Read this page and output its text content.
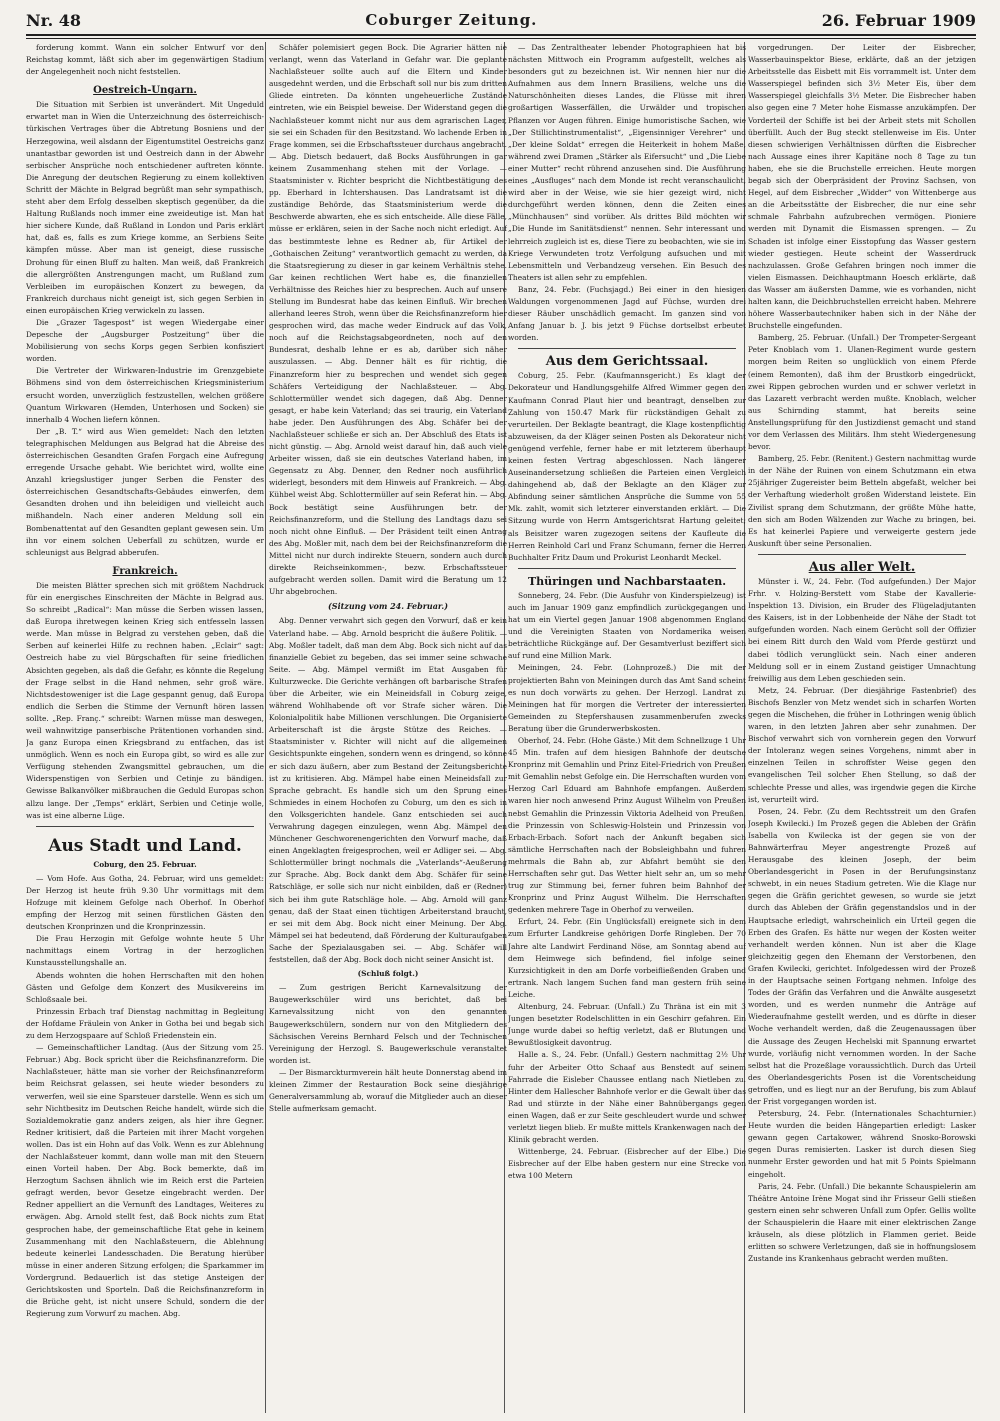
Nr. 48	Coburger Zeitung.	26. Februar 1909

forderung kommt. Wann ein solcher Entwurf vor den Reichstag kommt, läßt sich aber im gegenwärtigen Stadium der Angelegenheit noch nicht feststellen.

Oestreich-Ungarn.

Die Situation mit Serbien ist unverändert. Mit Ungeduld erwartet man in Wien die Unterzeichnung des österreichisch-türkischen Vertrages über die Abtretung Bosniens und der Herzegowina, weil alsdann der Eigentumstitel Oestreichs ganz unantastbar geworden ist und Oestreich dann in der Abwehr serbischer Ansprüche noch entschiedener auftreten könnte. Die Anregung der deutschen Regierung zu einem kollektiven Schritt der Mächte in Belgrad begrüßt man sehr sympathisch, steht aber dem Erfolg desselben skeptisch gegenüber, da die Haltung Rußlands noch immer eine zweideutige ist. Man hat hier sichere Kunde, daß Rußland in London und Paris erklärt hat, daß es, falls es zum Kriege komme, an Serbiens Seite kämpfen müsse. Aber man ist geneigt, diese russische Drohung für einen Bluff zu halten. Man weiß, daß Frankreich die allergrößten Anstrengungen macht, um Rußland zum Verbleiben im europäischen Konzert zu bewegen, da Frankreich durchaus nicht geneigt ist, sich gegen Serbien in einen europäischen Krieg verwickeln zu lassen.

Die „Grazer Tagespost“ ist wegen Wiedergabe einer Depesche der „Augsburger Postzeitung“ über die Mobilisierung von sechs Korps gegen Serbien konfisziert worden.

Die Vertreter der Wirkwaren-Industrie im Grenzgebiete Böhmens sind von dem österreichischen Kriegsministerium ersucht worden, unverzüglich festzustellen, welchen größere Quantum Wirkwaren (Hemden, Unterhosen und Socken) sie innerhalb 4 Wochen liefern können.

Der „B. T.“ wird aus Wien gemeldet: Nach den letzten telegraphischen Meldungen aus Belgrad hat die Abreise des österreichischen Gesandten Grafen Forgach eine Aufregung erregende Ursache gehabt. Wie berichtet wird, wollte eine Anzahl kriegslustiger junger Serben die Fenster des österreichischen Gesandtschafts-Gebäudes einwerfen, dem Gesandten drohen und ihn beleidigen und vielleicht auch mißhandeln. Nach einer anderen Meldung soll ein Bombenattentat auf den Gesandten geplant gewesen sein. Um ihn vor einem solchen Ueberfall zu schützen, wurde er schleunigst aus Belgrad abberufen.

Frankreich.

Die meisten Blätter sprechen sich mit größtem Nachdruck für ein energisches Einschreiten der Mächte in Belgrad aus. So schreibt „Radical“: Man müsse die Serben wissen lassen, daß Europa ihretwegen keinen Krieg sich entfesseln lassen werde. Man müsse in Belgrad zu verstehen geben, daß die Serben auf keinerlei Hilfe zu rechnen haben. „Eclair“ sagt: Oestreich habe zu viel Bürgschaften für seine friedlichen Absichten gegeben, als daß die Gefahr, es könnte die Regelung der Frage selbst in die Hand nehmen, sehr groß wäre. Nichtsdestoweniger ist die Lage gespannt genug, daß Europa endlich die Serben die Stimme der Vernunft hören lassen sollte. „Rep. Franç.“ schreibt: Warnen müsse man deswegen, weil wahnwitzige panserbische Prätentionen vorhanden sind. Ja ganz Europa einen Kriegsbrand zu entfachen, das ist unmöglich. Wenn es noch ein Europa gibt, so wird es alle zur Verfügung stehenden Zwangsmittel gebrauchen, um die Widerspenstigen von Serbien und Cetinje zu bändigen. Gewisse Balkanvölker mißbrauchen die Geduld Europas schon allzu lange. Der „Temps“ erklärt, Serbien und Cetinje wolle, was ist eine albernе Lüge.

Aus Stadt und Land.
Coburg, den 25. Februar.

— Vom Hofe. Aus Gotha, 24. Februar, wird uns gemeldet: Der Herzog ist heute früh 9.30 Uhr vormittags mit dem Hofzuge mit kleinem Gefolge nach Oberhof. In Oberhof empfing der Herzog mit seinen fürstlichen Gästen den deutschen Kronprinzen und die Kronprinzessin.

Die Frau Herzogin mit Gefolge wohnte heute 5 Uhr nachmittags einem Vortrag in der herzoglichen Kunstausstellungshalle an.

Abends wohnten die hohen Herrschaften mit den hohen Gästen und Gefolge dem Konzert des Musikvereins im Schloßsaale bei.

Prinzessin Erbach traf Dienstag nachmittag in Begleitung der Hofdame Fräulein von Anker in Gotha bei und begab sich zu dem Herzogspaare auf Schloß Friedenstein ein.

— Gemeinschaftlicher Landtag. (Aus der Sitzung vom 25. Februar.) Abg. Bock spricht über die Reichsfinanzreform. Die Nachlaßsteuer, hätte man sie vorher der Reichsfinanzreform beim Reichsrat gelassen, sei heute wieder besonders zu verwerfen, weil sie eine Sparsteuer darstelle. Wenn es sich um sehr Nichtbesitz im Deutschen Reiche handelt, würde sich die Sozialdemokratie ganz anders zeigen, als hier ihre Gegner. Redner kritisiert, daß die Parteien mit ihrer Macht vorgehen wollen. Das ist ein Hohn auf das Volk. Wenn es zur Ablehnung der Nachlaßsteuer kommt, dann wolle man mit den Steuern einen Vorteil haben. Der Abg. Bock bemerkte, daß im Herzogtum Sachsen ähnlich wie im Reich erst die Parteien gefragt werden, bevor Gesetze eingebracht werden. Der Redner appelliert an die Vernunft des Landtages, Weiteres zu erwägen. Abg. Arnold stellt fest, daß Bock nichts zum Etat gesprochen habe, der gemeinschaftliche Etat gehe in keinem Zusammenhang mit den Nachlaßsteuern, die Ablehnung bedeute keinerlei Landesschaden. Die Beratung hierüber müsse in einer anderen Sitzung erfolgen; die Sparkammer im Vordergrund. Bedauerlich ist das stetige Ansteigen der Gerichtskosten und Sporteln. Daß die Reichsfinanzreform in die Brüche geht, ist nicht unsere Schuld, sondern die der Regierung zum Vorwurf zu machen. Abg.

Schäfer polemisiert gegen Bock. Die Agrarier hätten nie verlangt, wenn das Vaterland in Gefahr war. Die geplante Nachlaßsteuer sollte auch auf die Eltern und Kinder ausgedehnt werden, und die Erbschaft soll nur bis zum dritten Gliede eintreten. Da könnten ungeheuerliche Zustände eintreten, wie ein Beispiel beweise. Der Widerstand gegen die Nachlaßsteuer kommt nicht nur aus dem agrarischen Lager, sie sei ein Schaden für den Besitzstand. Wo lachende Erben in Frage kommen, sei die Erbschaftssteuer durchaus angebracht. — Abg. Dietsch bedauert, daß Bocks Ausführungen in gar keinem Zusammenhang stehen mit der Vorlage. — Staatsminister v. Richter bespricht die Nichtbestätigung des pp. Eberhard in Ichtershausen. Das Landratsamt ist die zuständige Behörde, das Staatsministerium werde die Beschwerde abwarten, ehe es sich entscheide. Alle diese Fälle, müsse er erklären, seien in der Sache noch nicht erledigt. Auf das bestimmteste lehne es Redner ab, für Artikel der „Gothaischen Zeitung“ verantwortlich gemacht zu werden, da die Staatsregierung zu dieser in gar keinem Verhältnis stehe. Gar keinen rechtlichen Wert habe es, die finanziellen Verhältnisse des Reiches hier zu besprechen. Auch auf unsere Stellung im Bundesrat habe das keinen Einfluß. Wir brechen allerhand leeres Stroh, wenn über die Reichsfinanzreform hier gesprochen wird, das mache weder Eindruck auf das Volk, noch auf die Reichstagsabgeordneten, noch auf den Bundesrat, deshalb lehne er es ab, darüber sich näher auszulassen. — Abg. Denner hält es für richtig, die Finanzreform hier zu besprechen und wendet sich gegen Schäfers Verteidigung der Nachlaßsteuer. — Abg. Schlottermüller wendet sich dagegen, daß Abg. Denner gesagt, er habe kein Vaterland; das sei traurig, ein Vaterland habe jeder. Den Ausführungen des Abg. Schäfer bei der Nachlaßsteuer schließe er sich an. Der Abschluß des Etats ist nicht günstig. — Abg. Arnold weist darauf hin, daß auch viele Arbeiter wissen, daß sie ein deutsches Vaterland haben, im Gegensatz zu Abg. Denner, den Redner noch ausführlich widerlegt, besonders mit dem Hinweis auf Frankreich. — Abg. Kühbel weist Abg. Schlottermüller auf sein Referat hin. — Abg. Bock bestätigt seine Ausführungen betr. der Reichsfinanzreform, und die Stellung des Landtags dazu sei noch nicht ohne Einfluß. — Der Präsident teilt einen Antrag des Abg. Moßler mit, nach dem bei der Reichsfinanzreform die Mittel nicht nur durch indirekte Steuern, sondern auch durch direkte Reichseinkommen-, bezw. Erbschaftssteuer aufgebracht werden sollen. Damit wird die Beratung um 12 Uhr abgebrochen.

(Sitzung vom 24. Februar.)

Abg. Denner verwahrt sich gegen den Vorwurf, daß er kein Vaterland habe. — Abg. Arnold bespricht die äußere Politik. — Abg. Moßler tadelt, daß man dem Abg. Bock sich nicht auf das finanzielle Gebiet zu begeben, das sei immer seine schwache Seite. — Abg. Mämpel vermißt im Etat Ausgaben für Kulturzwecke. Die Gerichte verhängen oft barbarische Strafen über die Arbeiter, wie ein Meineidsfall in Coburg zeige, während Wohlhabende oft vor Strafe sicher wären. Die Kolonialpolitik habe Millionen verschlungen. Die Organisierte Arbeiterschaft ist die ärgste Stütze des Reiches. — Staatsminister v. Richter will nicht auf die allgemeinen Gesichtspunkte eingehen, sondern wenn es dringend, so könne er sich dazu äußern, aber zum Bestand der Zeitungsberichte ist zu kritisieren. Abg. Mämpel habe einen Meineidsfall zur Sprache gebracht. Es handle sich um den Sprung eines Schmiedes in einem Hochofen zu Coburg, um den es sich in den Volksgerichten handele. Ganz entschieden sei auch Verwahrung dagegen einzulegen, wenn Abg. Mämpel den Münchener Geschworenengerichten den Vorwurf mache, daß einen Angeklagten freigesprochen, weil er Adliger sei. — Abg. Schlottermüller bringt nochmals die „Vaterlands“-Aeußerung zur Sprache. Abg. Bock dankt dem Abg. Schäfer für seine Ratschläge, er solle sich nur nicht einbilden, daß er (Redner) sich bei ihm gute Ratschläge hole. — Abg. Arnold will ganz genau, daß der Staat einen tüchtigen Arbeiterstand braucht, er sei mit dem Abg. Bock nicht einer Meinung. Der Abg. Mämpel sei hat bedeutend, daß Förderung der Kulturaufgaben Sache der Spezialausgaben sei. — Abg. Schäfer will feststellen, daß der Abg. Bock doch nicht seiner Ansicht ist.

(Schluß folgt.)

— Zum gestrigen Bericht Karnevalsitzung der Baugewerkschüler wird uns berichtet, daß bei Karnevalssitzung nicht von den genannten Baugewerkschülern, sondern nur von den Mitgliedern des Sächsischen Vereins Bernhard Felsch und der Technischen Vereinigung der Herzogl. S. Baugewerkschule veranstaltet worden ist.

— Der Bismarckturmverein hält heute Donnerstag abend im kleinen Zimmer der Restauration Bock seine diesjährige Generalversammlung ab, worauf die Mitglieder auch an dieser Stelle aufmerksam gemacht.

— Das Zentraltheater lebender Photographieen hat bis nächsten Mittwoch ein Programm aufgestellt, welches als besonders gut zu bezeichnen ist. Wir nennen hier nur die Aufnahmen aus dem Innern Brasiliens, welche uns die Naturschönheiten dieses Landes, die Flüsse mit ihren großartigen Wasserfällen, die Urwälder und tropischen Pflanzen vor Augen führen. Einige humoristische Sachen, wie „Der Stillichtinstrumentalist“, „Eigensinniger Verehrer“ und „Der kleine Soldat“ erregen die Heiterkeit in hohem Maße, während zwei Dramen „Stärker als Eifersucht“ und „Die Liebe einer Mutter“ recht rührend anzusehen sind. Die Ausführung eines „Ausfluges“ nach dem Monde ist recht veranschaulicht, wird aber in der Weise, wie sie hier gezeigt wird, nicht durchgeführt werden können, denn die Zeiten eines „Münchhausen“ sind vorüber. Als drittes Bild möchten wir „Die Hunde im Sanitätsdienst“ nennen. Sehr interessant und lehrreich zugleich ist es, diese Tiere zu beobachten, wie sie im Kriege Verwundeten trotz Verfolgung aufsuchen und mit Lebensmitteln und Verbandzeug versehen. Ein Besuch des Theaters ist allen sehr zu empfehlen.

Banz, 24. Febr. (Fuchsjagd.) Bei einer in den hiesigen Waldungen vorgenommenen Jagd auf Füchse, wurden drei dieser Räuber unschädlich gemacht. Im ganzen sind von Anfang Januar b. J. bis jetzt 9 Füchse dortselbst erbeutet worden.

Aus dem Gerichtssaal.

Coburg, 25. Febr. (Kaufmannsgericht.) Es klagt der Dekorateur und Handlungsgehilfe Alfred Wimmer gegen den Kaufmann Conrad Plaut hier und beantragt, denselben zur Zahlung von 150.47 Mark für rückständigen Gehalt zu verurteilen. Der Beklagte beantragt, die Klage kostenpflichtig abzuweisen, da der Kläger seinen Posten als Dekorateur nicht genügend verfehle, ferner habe er mit letzterem überhaupt keinen festen Vertrag abgeschlossen. Nach längerer Auseinandersetzung schließen die Parteien einen Vergleich dahingehend ab, daß der Beklagte an den Kläger zur Abfindung seiner sämtlichen Ansprüche die Summe von 55 Mk. zahlt, womit sich letzterer einverstanden erklärt. — Die Sitzung wurde von Herrn Amtsgerichtsrat Hartung geleitet; als Beisitzer waren zugezogen seitens der Kaufleute die Herren Reinhold Carl und Franz Schumann, ferner die Herren Buchhalter Fritz Daum und Prokurist Leonhardt Meckel.

Thüringen und Nachbarstaaten.

Sonneberg, 24. Febr. (Die Ausfuhr von Kinderspielzeug) ist auch im Januar 1909 ganz empfindlich zurückgegangen und hat um ein Viertel gegen Januar 1908 abgenommen England und die Vereinigten Staaten von Nordamerika weisen beträchtliche Rückgänge auf. Der Gesamtverlust beziffert sich auf rund eine Million Mark.

Meiningen, 24. Febr. (Lohnprozeß.) Die mit der projektierten Bahn von Meiningen durch das Amt Sand scheint es nun doch vorwärts zu gehen. Der Herzogl. Landrat zu Meiningen hat für morgen die Vertreter der interessierten Gemeinden zu Stepfershausen zusammenberufen zwecks Beratung über die Grunderwerbskosten.

Oberhof, 24. Febr. (Hohe Gäste.) Mit dem Schnellzuge 1 Uhr 45 Min. trafen auf dem hiesigen Bahnhofe der deutsche Kronprinz mit Gemahlin und Prinz Eitel-Friedrich von Preußen mit Gemahlin nebst Gefolge ein. Die Herrschaften wurden vom Herzog Carl Eduard am Bahnhofe empfangen. Außerdem waren hier noch anwesend Prinz August Wilhelm von Preußen nebst Gemahlin die Prinzessin Viktoria Adelheid von Preußen, die Prinzessin von Schleswig-Holstein und Prinzessin von Erbach-Erbach. Sofort nach der Ankunft begaben sich sämtliche Herrschaften nach der Bobsleighbahn und fuhren mehrmals die Bahn ab, zur Abfahrt bemüht sie den Herrschaften sehr gut. Das Wetter hielt sehr an, um so mehr trug zur Stimmung bei, ferner fuhren beim Bahnhof der Kronprinz und Prinz August Wilhelm. Die Herrschaften gedenken mehrere Tage in Oberhof zu verweilen.

Erfurt, 24. Febr. (Ein Unglücksfall) ereignete sich in dem zum Erfurter Landkreise gehörigen Dorfe Ringleben. Der 70 Jahre alte Landwirt Ferdinand Nöse, am Sonntag abend auf dem Heimwege sich befindend, fiel infolge seiner Kurzsichtigkeit in den am Dorfe vorbeifließenden Graben und ertrank. Nach langem Suchen fand man gestern früh seine Leiche.

Altenburg, 24. Februar. (Unfall.) Zu Thräna ist ein mit 3 Jungen besetzter Rodelschlitten in ein Geschirr gefahren. Ein Junge wurde dabei so heftig verletzt, daß er Blutungen und Bewußtlosigkeit davontrug.

Halle a. S., 24. Febr. (Unfall.) Gestern nachmittag 2½ Uhr fuhr der Arbeiter Otto Schaaf aus Benstedt auf seinem Fahrrade die Eisleber Chaussee entlang nach Nietleben zu. Hinter dem Hallescher Bahnhofe verlor er die Gewalt über das Rad und stürzte in der Nähe einer Bahnübergangs gegen einen Wagen, daß er zur Seite geschleudert wurde und schwer verletzt liegen blieb. Er mußte mittels Krankenwagen nach der Klinik gebracht werden.

Wittenberge, 24. Februar. (Eisbrecher auf der Elbe.) Die Eisbrecher auf der Elbe haben gestern nur eine Strecke von etwa 100 Metern

vorgedrungen. Der Leiter der Eisbrecher, Wasserbauinspektor Biese, erklärte, daß an der jetzigen Arbeitsstelle das Eisbett mit Eis vorrammelt ist. Unter dem Wasserspiegel befinden sich 3½ Meter Eis, über dem Wasserspiegel gleichfalls 3½ Meter. Die Eisbrecher haben also gegen eine 7 Meter hohe Eismasse anzukämpfen. Der Vorderteil der Schiffe ist bei der Arbeit stets mit Schollen überfüllt. Auch der Bug steckt stellenweise im Eis. Unter diesen schwierigen Verhältnissen dürften die Eisbrecher nach Aussage eines ihrer Kapitäne noch 8 Tage zu tun haben, ehe sie die Bruchstelle erreichen. Heute morgen begab sich der Oberpräsident der Provinz Sachsen, von Hegel, auf dem Eisbrecher „Widder“ von Wittenberge aus an die Arbeitsstätte der Eisbrecher, die nur eine sehr schmale Fahrbahn aufzubrechen vermögen. Pioniere werden mit Dynamit die Eismassen sprengen. — Zu Schaden ist infolge einer Eisstopfung das Wasser gestern wieder gestiegen. Heute scheint der Wasserdruck nachzulassen. Große Gefahren bringen noch immer die vielen Eismassen. Deichhauptmann Hoesch erklärte, daß das Wasser am äußersten Damme, wie es vorhanden, nicht halten kann, die Deichbruchstellen erreicht haben. Mehrere höhere Wasserbautechniker haben sich in der Nähe der Bruchstelle eingefunden.

Bamberg, 25. Februar. (Unfall.) Der Trompeter-Sergeant Peter Knoblach vom 1. Ulanen-Regiment wurde gestern morgen beim Reiten so unglücklich von einem Pferde (einem Remonten), daß ihm der Brustkorb eingedrückt, zwei Rippen gebrochen wurden und er schwer verletzt in das Lazarett verbracht werden mußte. Knoblach, welcher aus Schirnding stammt, hat bereits seine Anstellungsprüfung für den Justizdienst gemacht und stand vor dem Verlassen des Militärs. Ihm steht Wiedergenesung bevor.

Bamberg, 25. Febr. (Renitent.) Gestern nachmittag wurde in der Nähe der Ruinen von einem Schutzmann ein etwa 25jähriger Zugereister beim Betteln abgefaßt, welcher bei der Verhaftung wiederholt großen Widerstand leistete. Ein Zivilist sprang dem Schutzmann, der größte Mühe hatte, den sich am Boden Wälzenden zur Wache zu bringen, bei. Es hat keinerlei Papiere und verweigerte gestern jede Auskunft über seine Personalien.

Aus aller Welt.

Münster i. W., 24. Febr. (Tod aufgefunden.) Der Major Frhr. v. Holzing-Berstett vom Stabe der Kavallerie-Inspektion 13. Division, ein Bruder des Flügeladjutanten des Kaisers, ist in der Lobbenheide der Nähe der Stadt tot aufgefunden worden. Nach einem Gerücht soll der Offizier bei einem Ritt durch den Wald vom Pferde gestürzt und dabei tödlich verunglückt sein. Nach einer anderen Meldung soll er in einem Zustand geistiger Umnachtung freiwillig aus dem Leben geschieden sein.

Metz, 24. Februar. (Der diesjährige Fastenbrief) des Bischofs Benzler von Metz wendet sich in scharfen Worten gegen die Mischehen, die früher in Lothringen wenig üblich waren, in den letzten Jahren aber sehr zunahmen. Der Bischof verwahrt sich von vornherein gegen den Vorwurf der Intoleranz wegen seines Vorgehens, nimmt aber in einzelnen Teilen in schroffster Weise gegen den evangelischen Teil solcher Ehen Stellung, so daß der schlechte Presse und alles, was irgendwie gegen die Kirche ist, verurteilt wird.

Posen, 24. Febr. (Zu dem Rechtsstreit um den Grafen Joseph Kwilecki.) Im Prozeß gegen die Ableben der Gräfin Isabella von Kwilecka ist der gegen sie von der Bahnwärterfrau Meyer angestrengte Prozeß auf Herausgabe des kleinen Joseph, der beim Oberlandesgericht in Posen in der Berufungsinstanz schwebt, in ein neues Stadium getreten. Wie die Klage nur gegen die Gräfin gerichtet gewesen, so wurde sie jetzt durch das Ableben der Gräfin gegenstandslos und in der Hauptsache erledigt, wahrscheinlich ein Urteil gegen die Erben des Grafen. Es hätte nur wegen der Kosten weiter verhandelt werden können. Nun ist aber die Klage gleichzeitig gegen den Ehemann der Verstorbenen, den Grafen Kwilecki, gerichtet. Infolgedessen wird der Prozeß in der Hauptsache seinen Fortgang nehmen. Infolge des Todes der Gräfin das Verfahren und die Anwälte ausgesetzt worden, und es werden nunmehr die Anträge auf Wiederaufnahme gestellt werden, und es dürfte in dieser Woche verhandelt werden, daß die Zeugenaussagen über die Aussage des Zeugen Hechelski mit Spannung erwartet wurde, vorläufig nicht vernommen worden. In der Sache selbst hat die Prozeßlage voraussichtlich. Durch das Urteil des Oberlandesgerichts Posen ist die Vorentscheidung getroffen, und es liegt nur an der Berufung, bis zum Ablauf der Frist vorgegangen worden ist.

Petersburg, 24. Febr. (Internationales Schachturnier.) Heute wurden die beiden Hängepartien erledigt: Lasker gewann gegen Cartakower, während Snosko-Borowski gegen Duras remisierten. Lasker ist durch diesen Sieg nunmehr Erster geworden und hat mit 5 Points Spielmann eingeholt.

Paris, 24. Febr. (Unfall.) Die bekannte Schauspielerin am Théâtre Antoine Irène Mogat sind ihr Frisseur Gelli stießen gestern einen sehr schweren Unfall zum Opfer. Gellis wollte der Schauspielerin die Haare mit einer elektrischen Zange kräuseln, als diese plötzlich in Flammen geriet. Beide erlitten so schwere Verletzungen, daß sie in hoffnungslosem Zustande ins Krankenhaus gebracht werden mußten.
